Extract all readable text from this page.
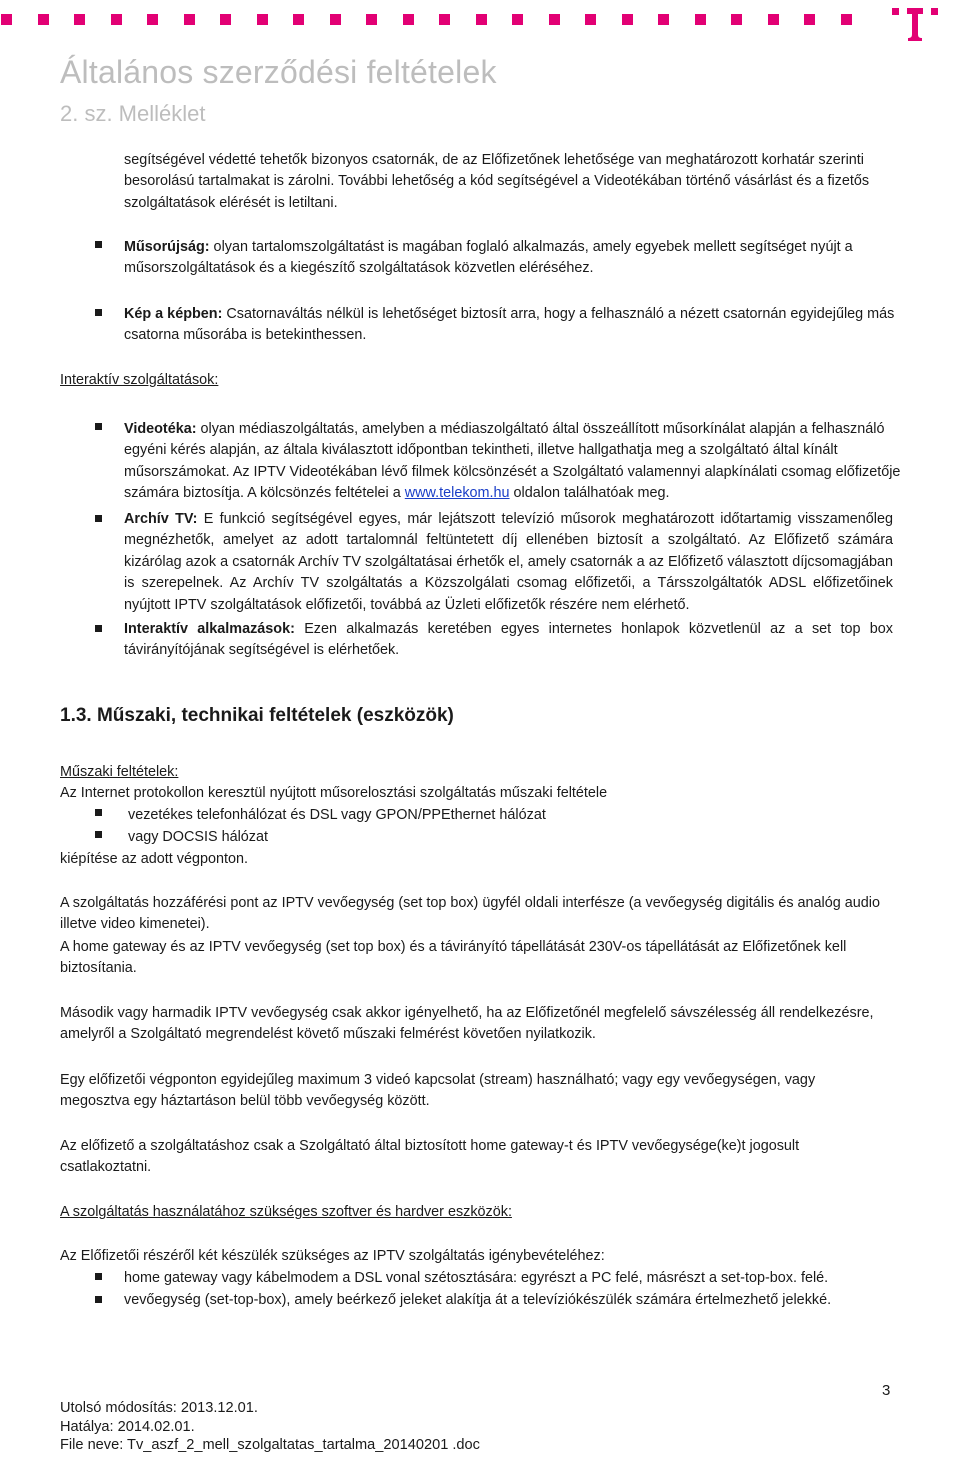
Általános szerződési feltételek
2. sz. Melléklet
segítségével védetté tehetők bizonyos csatornák, de az Előfizetőnek lehetősége van meghatározott korhatár szerinti besorolású tartalmakat is zárolni. További lehetőség a kód segítségével a Videotékában történő vásárlást és a fizetős szolgáltatások elérését is letiltani.
Műsorújság: olyan tartalomszolgáltatást is magában foglaló alkalmazás, amely egyebek mellett segítséget nyújt a műsorszolgáltatások és a kiegészítő szolgáltatások közvetlen eléréséhez.
Kép a képben: Csatornaváltás nélkül is lehetőséget biztosít arra, hogy a felhasználó a nézett csatornán egyidejűleg más csatorna műsorába is betekinthessen.
Interaktív szolgáltatások:
Videotéka: olyan médiaszolgáltatás, amelyben a médiaszolgáltató által összeállított műsorkínálat alapján a felhasználó egyéni kérés alapján, az általa kiválasztott időpontban tekintheti, illetve hallgathatja meg a szolgáltató által kínált műsorszámokat. Az IPTV Videotékában lévő filmek kölcsönzését a Szolgáltató valamennyi alapkínálati csomag előfizetője számára biztosítja. A kölcsönzés feltételei a www.telekom.hu oldalon találhatóak meg.
Archív TV: E funkció segítségével egyes, már lejátszott televízió műsorok meghatározott időtartamig visszamenőleg megnézhetők, amelyet az adott tartalomnál feltüntetett díj ellenében biztosít a szolgáltató. Az Előfizető számára kizárólag azok a csatornák Archív TV szolgáltatásai érhetők el, amely csatornák a az Előfizető választott díjcsomagjában is szerepelnek. Az Archív TV szolgáltatás a Közszolgálati csomag előfizetői, a Társszolgáltatók ADSL előfizetőinek nyújtott IPTV szolgáltatások előfizetői, továbbá az Üzleti előfizetők részére nem elérhető.
Interaktív alkalmazások: Ezen alkalmazás keretében egyes internetes honlapok közvetlenül az a set top box távirányítójának segítségével is elérhetőek.
1.3. Műszaki, technikai feltételek (eszközök)
Műszaki feltételek:
Az Internet protokollon keresztül nyújtott műsorelosztási szolgáltatás műszaki feltétele
vezetékes telefonhálózat és DSL vagy GPON/PPEthernet hálózat
vagy DOCSIS hálózat
kiépítése az adott végponton.
A szolgáltatás hozzáférési pont az IPTV vevőegység (set top box) ügyfél oldali interfésze (a vevőegység digitális és analóg audio illetve video kimenetei).
A home gateway és az IPTV vevőegység (set top box) és a távirányító tápellátását 230V-os tápellátását az Előfizetőnek kell biztosítania.
Második vagy harmadik IPTV vevőegység csak akkor igényelhető, ha az Előfizetőnél megfelelő sávszélesség áll rendelkezésre, amelyről a Szolgáltató megrendelést követő műszaki felmérést követően nyilatkozik.
Egy előfizetői végponton egyidejűleg maximum 3 videó kapcsolat (stream) használható; vagy egy vevőegységen, vagy megosztva egy háztartáson belül több vevőegység között.
Az előfizető a szolgáltatáshoz csak a Szolgáltató által biztosított home gateway-t és IPTV vevőegysége(ke)t jogosult csatlakoztatni.
A szolgáltatás használatához szükséges szoftver és hardver eszközök:
Az Előfizetői részéről két készülék szükséges az IPTV szolgáltatás igénybevételéhez:
home gateway vagy kábelmodem a DSL vonal szétosztására: egyrészt a PC felé, másrészt a set-top-box. felé.
vevőegység (set-top-box), amely beérkező jeleket alakítja át a televíziókészülék számára értelmezhető jelekké.
3
Utolsó módosítás: 2013.12.01.
Hatálya: 2014.02.01.
File neve: Tv_aszf_2_mell_szolgaltatas_tartalma_20140201 .doc
